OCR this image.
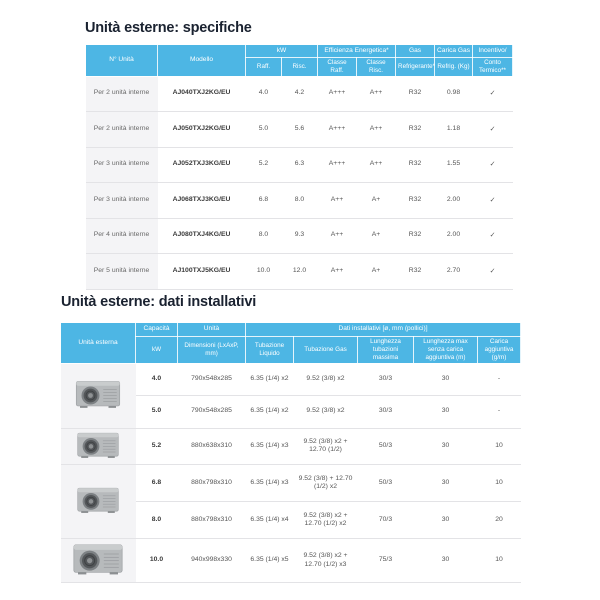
Unità esterne: specifiche
N° Unità	Modello	kW		Efficienza Energetica*		Gas	Carica Gas	Incentivo/
		Raff.	Risc.	Classe Raff.	Classe Risc.	Refrigerante*	Refrig. (Kg)	Conto Termico**
Per 2 unità interne	AJ040TXJ2KG/EU	4.0	4.2	A+++	A++	R32	0.98	✓
Per 2 unità interne	AJ050TXJ2KG/EU	5.0	5.6	A+++	A++	R32	1.18	✓
Per 3 unità interne	AJ052TXJ3KG/EU	5.2	6.3	A+++	A++	R32	1.55	✓
Per 3 unità interne	AJ068TXJ3KG/EU	6.8	8.0	A++	A+	R32	2.00	✓
Per 4 unità interne	AJ080TXJ4KG/EU	8.0	9.3	A++	A+	R32	2.00	✓
Per 5 unità interne	AJ100TXJ5KG/EU	10.0	12.0	A++	A+	R32	2.70	✓
Unità esterne: dati installativi
Unità esterna	Capacità	Unità	Dati installativi [ø, mm (pollici)]				
	kW	Dimensioni (LxAxP, mm)	Tubazione Liquido	Tubazione Gas	Lunghezza tubazioni massima	Lunghezza max senza carica aggiuntiva (m)	Carica aggiuntiva (g/m)

	4.0	790x548x285	6.35 (1/4) x2	9.52 (3/8) x2	30/3	30	-
	5.0	790x548x285	6.35 (1/4) x2	9.52 (3/8) x2	30/3	30	-

	5.2	880x638x310	6.35 (1/4) x3	9.52 (3/8) x2 + 12.70 (1/2)	50/3	30	10

	6.8	880x798x310	6.35 (1/4) x3	9.52 (3/8) + 12.70 (1/2) x2	50/3	30	10
	8.0	880x798x310	6.35 (1/4) x4	9.52 (3/8) x2 + 12.70 (1/2) x2	70/3	30	20

	10.0	940x998x330	6.35 (1/4) x5	9.52 (3/8) x2 + 12.70 (1/2) x3	75/3	30	10
